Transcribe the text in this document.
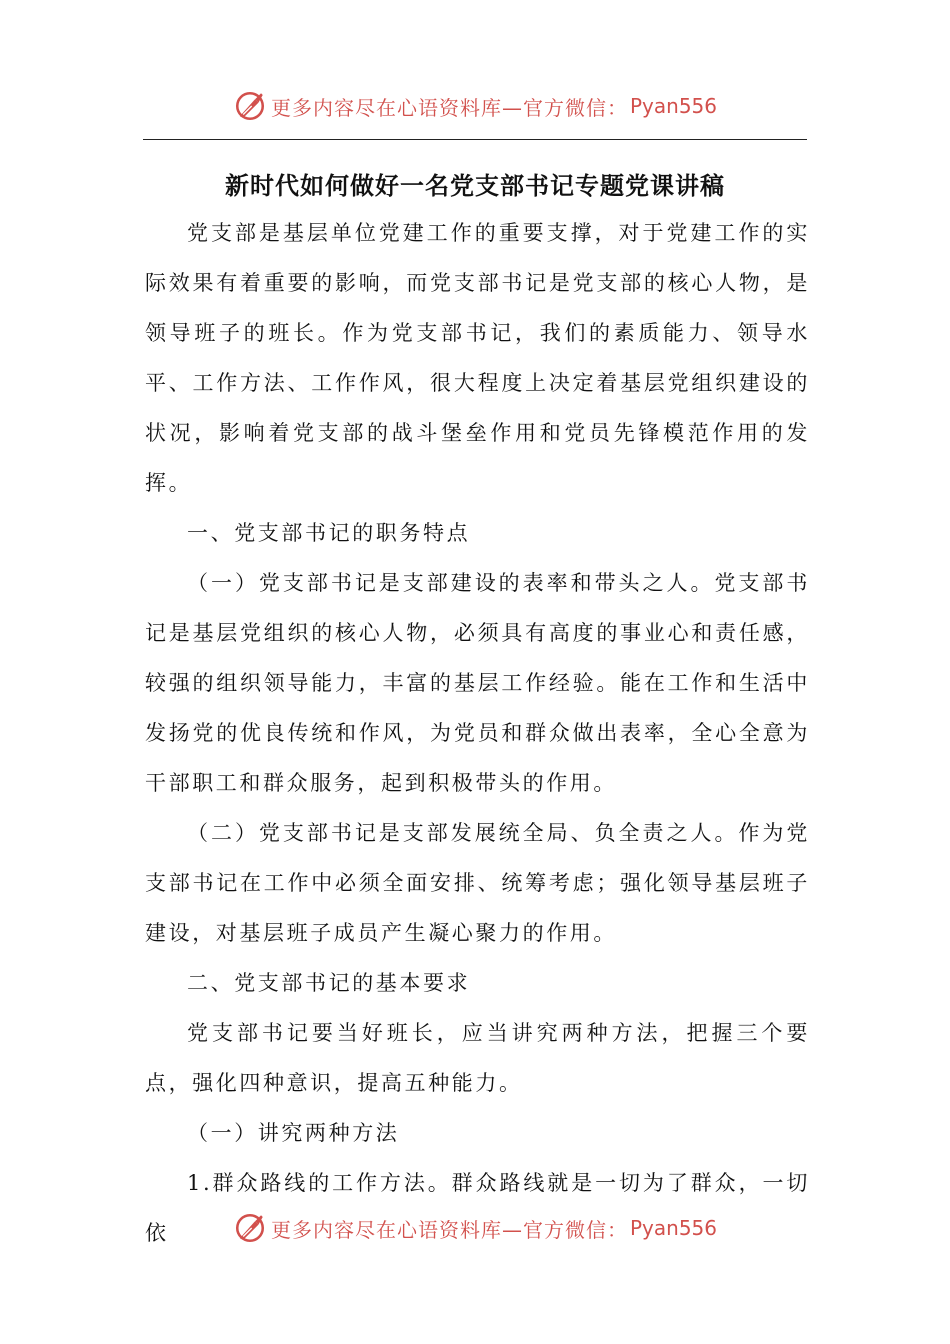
更多内容尽在心语资料库—官方微信： Pyan556
新时代如何做好一名党支部书记专题党课讲稿

党支部是基层单位党建工作的重要支撑，对于党建工作的实际效果有着重要的影响，而党支部书记是党支部的核心人物，是领导班子的班长。作为党支部书记，我们的素质能力、领导水平、工作方法、工作作风，很大程度上决定着基层党组织建设的状况，影响着党支部的战斗堡垒作用和党员先锋模范作用的发挥。

一、党支部书记的职务特点

（一）党支部书记是支部建设的表率和带头之人。党支部书记是基层党组织的核心人物，必须具有高度的事业心和责任感，较强的组织领导能力，丰富的基层工作经验。能在工作和生活中发扬党的优良传统和作风，为党员和群众做出表率，全心全意为干部职工和群众服务，起到积极带头的作用。

（二）党支部书记是支部发展统全局、负全责之人。作为党支部书记在工作中必须全面安排、统筹考虑；强化领导基层班子建设，对基层班子成员产生凝心聚力的作用。

二、党支部书记的基本要求

党支部书记要当好班长，应当讲究两种方法，把握三个要点，强化四种意识，提高五种能力。

（一）讲究两种方法

1.群众路线的工作方法。群众路线就是一切为了群众，一切依	更多内容尽在心语资料库—官方微信： Pyan556
